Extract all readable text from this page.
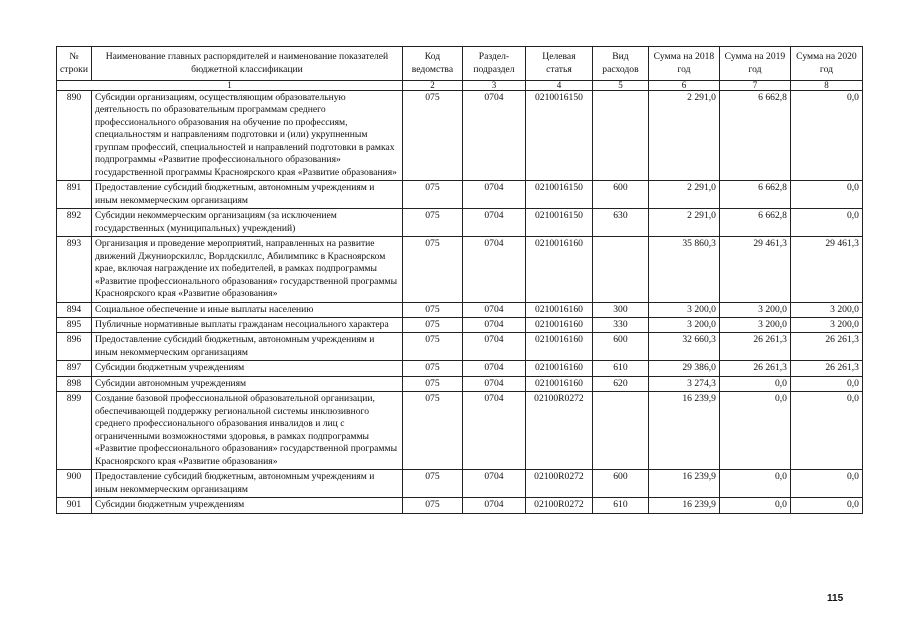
№ строки	Наименование главных распорядителей и наименование показателей бюджетной классификации	Код ведомства	Раздел-подраздел	Целевая статья	Вид расходов	Сумма на 2018 год	Сумма на 2019 год	Сумма на 2020 год
1		2	3	4	5	6	7	8
890	Субсидии организациям, осуществляющим образовательную деятельность по образовательным программам среднего профессионального образования на обучение по профессиям, специальностям и направлениям подготовки и (или) укрупненным группам профессий, специальностей и направлений подготовки в рамках подпрограммы «Развитие профессионального образования» государственной программы Красноярского края «Развитие образования»	075	0704	0210016150		2 291,0	6 662,8	0,0
891	Предоставление субсидий бюджетным, автономным учреждениям и иным некоммерческим организациям	075	0704	0210016150	600	2 291,0	6 662,8	0,0
892	Субсидии некоммерческим организациям (за исключением государственных (муниципальных) учреждений)	075	0704	0210016150	630	2 291,0	6 662,8	0,0
893	Организация и проведение мероприятий, направленных на развитие движений Джуниорскиллс, Ворлдскиллс, Абилимпикс в Красноярском крае, включая награждение их победителей, в рамках подпрограммы «Развитие профессионального образования» государственной программы Красноярского края «Развитие образования»	075	0704	0210016160		35 860,3	29 461,3	29 461,3
894	Социальное обеспечение и иные выплаты населению	075	0704	0210016160	300	3 200,0	3 200,0	3 200,0
895	Публичные нормативные выплаты гражданам несоциального характера	075	0704	0210016160	330	3 200,0	3 200,0	3 200,0
896	Предоставление субсидий бюджетным, автономным учреждениям и иным некоммерческим организациям	075	0704	0210016160	600	32 660,3	26 261,3	26 261,3
897	Субсидии бюджетным учреждениям	075	0704	0210016160	610	29 386,0	26 261,3	26 261,3
898	Субсидии автономным учреждениям	075	0704	0210016160	620	3 274,3	0,0	0,0
899	Создание базовой профессиональной образовательной организации, обеспечивающей поддержку региональной системы инклюзивного среднего профессионального образования инвалидов и лиц с ограниченными возможностями здоровья, в рамках подпрограммы «Развитие профессионального образования» государственной программы Красноярского края «Развитие образования»	075	0704	02100R0272		16 239,9	0,0	0,0
900	Предоставление субсидий бюджетным, автономным учреждениям и иным некоммерческим организациям	075	0704	02100R0272	600	16 239,9	0,0	0,0
901	Субсидии бюджетным учреждениям	075	0704	02100R0272	610	16 239,9	0,0	0,0
115
